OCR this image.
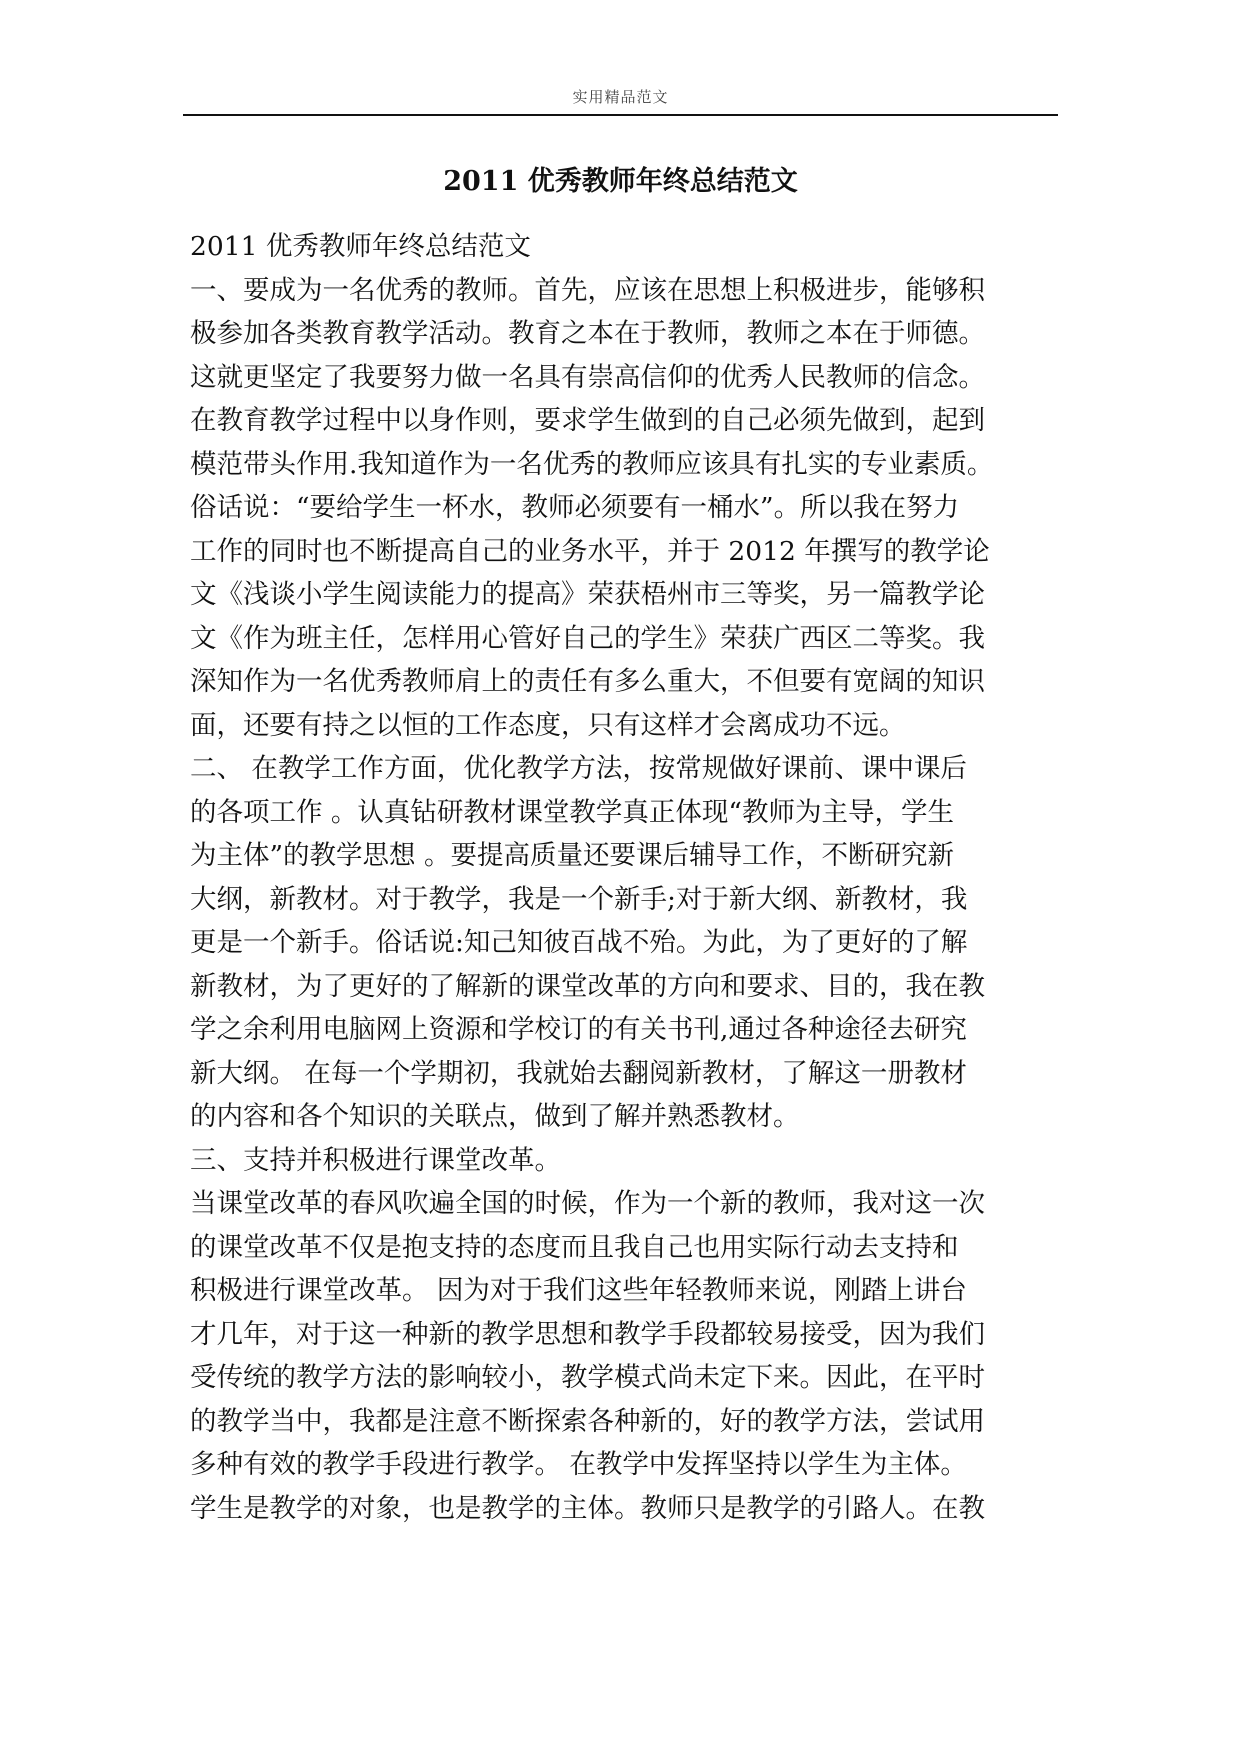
实用精品范文
2011 优秀教师年终总结范文
2011 优秀教师年终总结范文
一、要成为一名优秀的教师。首先，应该在思想上积极进步，能够积
极参加各类教育教学活动。教育之本在于教师，教师之本在于师德。
这就更坚定了我要努力做一名具有崇高信仰的优秀人民教师的信念。
在教育教学过程中以身作则，要求学生做到的自己必须先做到，起到
模范带头作用.我知道作为一名优秀的教师应该具有扎实的专业素质。
俗话说：“要给学生一杯水，教师必须要有一桶水”。所以我在努力
工作的同时也不断提高自己的业务水平，并于 2012 年撰写的教学论
文《浅谈小学生阅读能力的提高》荣获梧州市三等奖，另一篇教学论
文《作为班主任，怎样用心管好自己的学生》荣获广西区二等奖。我
深知作为一名优秀教师肩上的责任有多么重大，不但要有宽阔的知识
面，还要有持之以恒的工作态度，只有这样才会离成功不远。
二、 在教学工作方面，优化教学方法，按常规做好课前、课中课后
的各项工作 。认真钻研教材课堂教学真正体现“教师为主导，学生
为主体”的教学思想 。要提高质量还要课后辅导工作，不断研究新
大纲，新教材。对于教学，我是一个新手;对于新大纲、新教材，我
更是一个新手。俗话说:知己知彼百战不殆。为此，为了更好的了解
新教材，为了更好的了解新的课堂改革的方向和要求、目的，我在教
学之余利用电脑网上资源和学校订的有关书刊,通过各种途径去研究
新大纲。 在每一个学期初，我就始去翻阅新教材，了解这一册教材
的内容和各个知识的关联点，做到了解并熟悉教材。
三、支持并积极进行课堂改革。
当课堂改革的春风吹遍全国的时候，作为一个新的教师，我对这一次
的课堂改革不仅是抱支持的态度而且我自己也用实际行动去支持和
积极进行课堂改革。 因为对于我们这些年轻教师来说，刚踏上讲台
才几年，对于这一种新的教学思想和教学手段都较易接受，因为我们
受传统的教学方法的影响较小，教学模式尚未定下来。因此，在平时
的教学当中，我都是注意不断探索各种新的，好的教学方法，尝试用
多种有效的教学手段进行教学。 在教学中发挥坚持以学生为主体。
学生是教学的对象，也是教学的主体。教师只是教学的引路人。在教
